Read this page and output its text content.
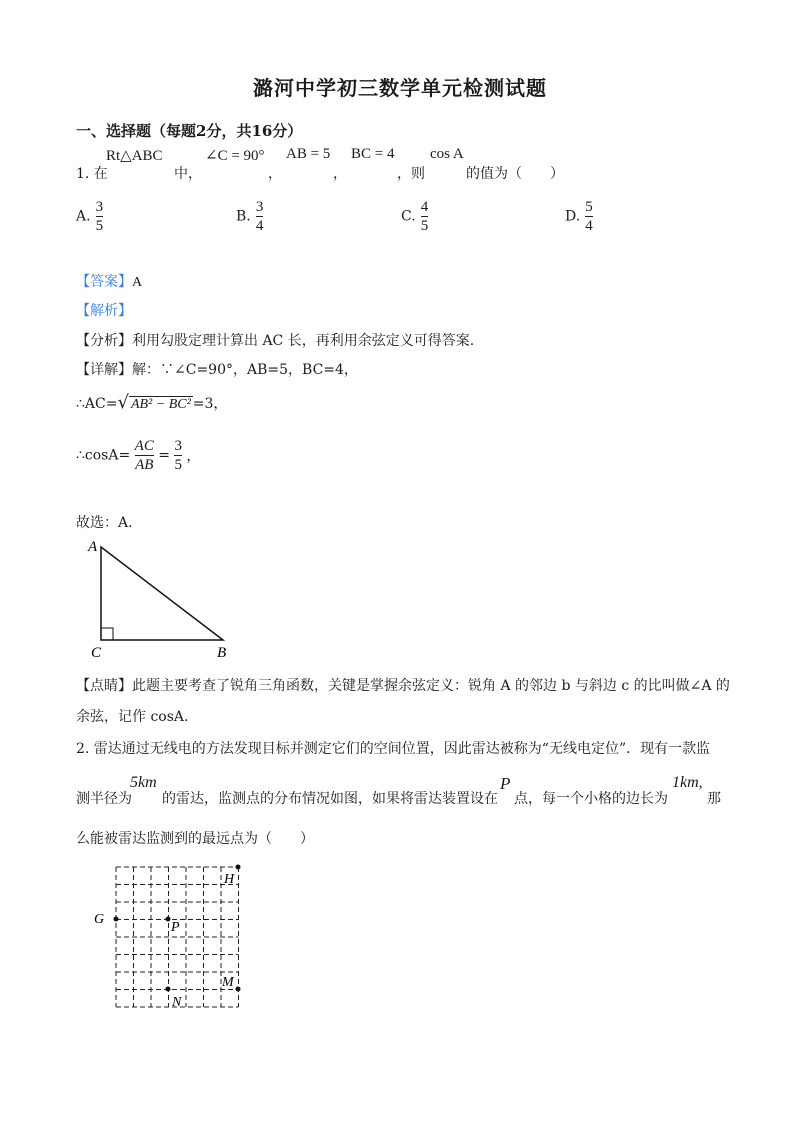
潞河中学初三数学单元检测试题
一、选择题（每题2分，共16分）
1. 在
Rt△ABC
中，
∠C = 90°
，
AB = 5
，
BC = 4
，则
cos A
的值为（　　）
A. $\frac{3}{5}$	B. $\frac{3}{4}$	C. $\frac{4}{5}$	D. $\frac{5}{4}$
【答案】A
【解析】
【分析】利用勾股定理计算出 AC 长，再利用余弦定义可得答案.
【详解】解：∵∠C=90°，AB=5，BC=4，
∴AC=√ AB² − BC² =3，
∴cosA= $\frac{AC}{AB} = \frac{3}{5}$ ，
故选：A.
A
C	B
【点睛】此题主要考查了锐角三角函数，关键是掌握余弦定义：锐角 A 的邻边 b 与斜边 c 的比叫做∠A 的
余弦，记作 cosA.
2. 雷达通过无线电的方法发现目标并测定它们的空间位置，因此雷达被称为“无线电定位”．现有一款监
测半径为
5km
的雷达，监测点的分布情况如图，如果将雷达装置设在
P
点，每一个小格的边长为
1km,
那
么能被雷达监测到的最远点为（　　）
G
H
P
M
N
